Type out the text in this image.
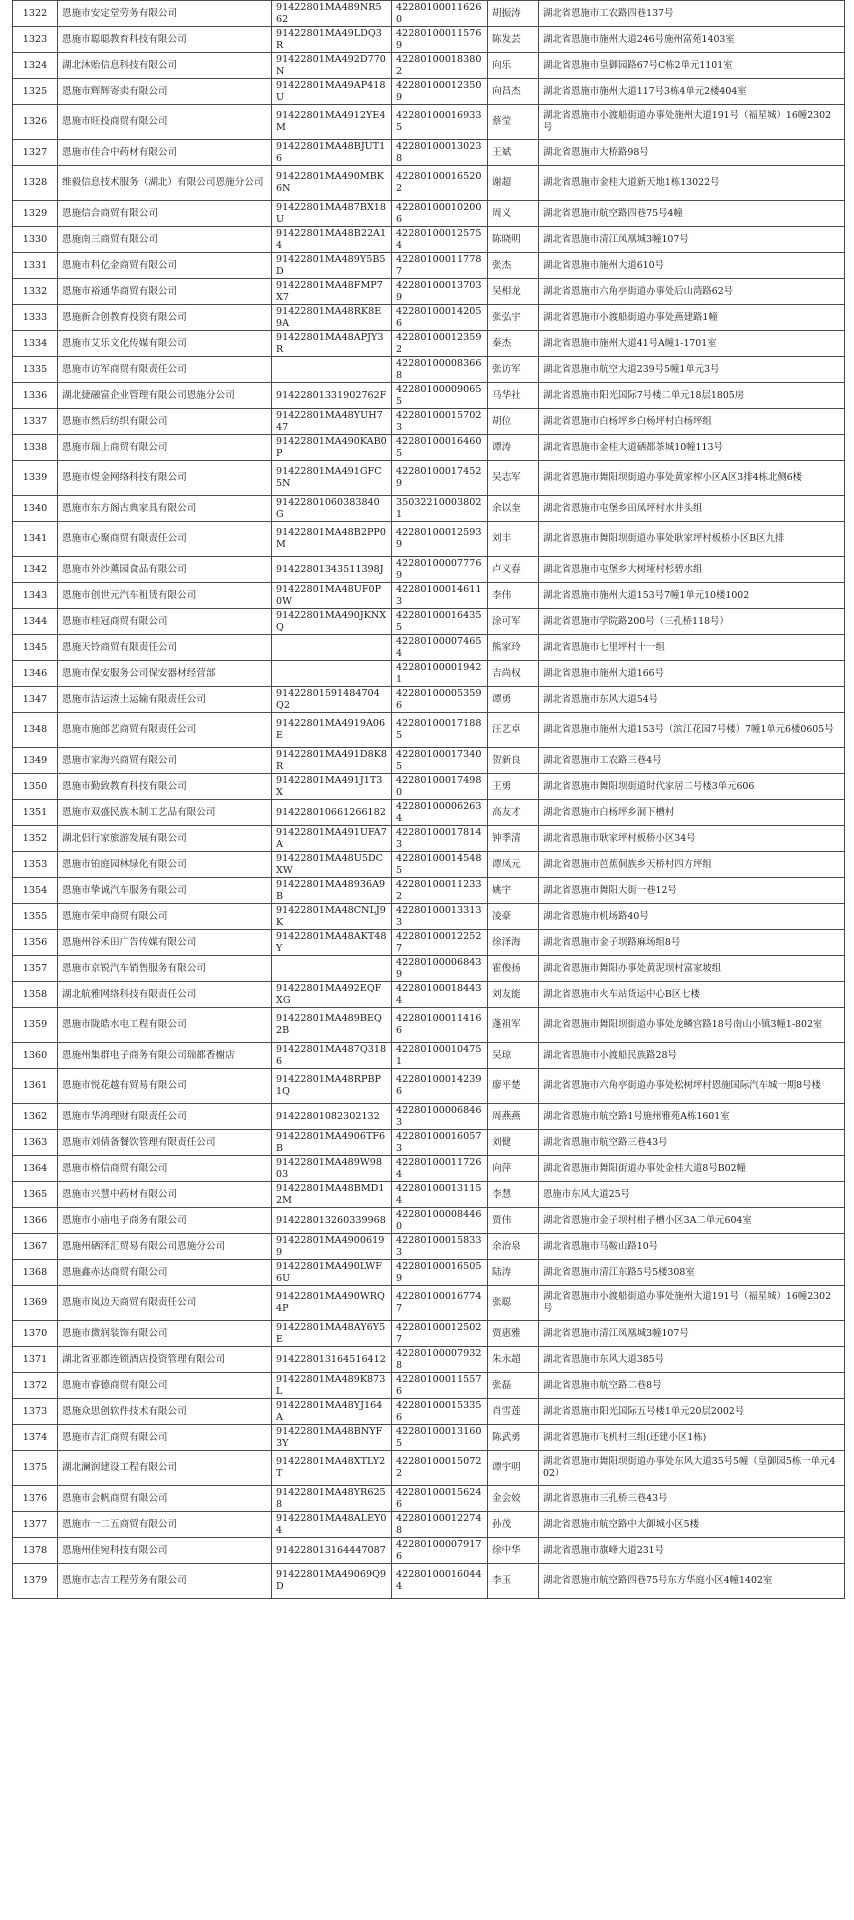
1322	恩施市安定堂劳务有限公司	91422801MA489NR562	422801000116260	胡振涛	湖北省恩施市工农路四巷137号
1323	恩施市聪聪教育科技有限公司	91422801MA49LDQ3R	422801000115769	陈发芸	湖北省恩施市施州大道246号施州富苑1403室
1324	湖北沐贻信息科技有限公司	91422801MA492D770N	422801000183802	向乐	湖北省恩施市皇御园路67号C栋2单元1101室
1325	恩施市辉辉寄卖有限公司	91422801MA49AP418U	422801000123509	向昌杰	湖北省恩施市施州大道117号3栋4单元2楼404室
1326	恩施市旺投商贸有限公司	91422801MA4912YE4M	422801000169335	蔡莹	湖北省恩施市小渡船街道办事处施州大道191号（福星城）16幢2302号
1327	恩施市佳合中药材有限公司	91422801MA48BJUT16	422801000130238	王斌	湖北省恩施市大桥路98号
1328	维毅信息技术服务（湖北）有限公司恩施分公司	91422801MA490MBK6N	422801000165202	谢超	湖北省恩施市金桂大道新天地1栋13022号
1329	恩施信合商贸有限公司	91422801MA487BX18U	422801000102006	周义	湖北省恩施市航空路四巷75号4幢
1330	恩施南三商贸有限公司	91422801MA48B22A14	422801000125754	陈晓明	湖北省恩施市清江凤凰城3幢107号
1331	恩施市科亿金商贸有限公司	91422801MA489Y5B5D	422801000117787	张杰	湖北省恩施市施州大道610号
1332	恩施市裕通华商贸有限公司	91422801MA48FMP7X7	422801000137039	吴相龙	湖北省恩施市六角亭街道办事处后山湾路62号
1333	恩施新合创教育投资有限公司	91422801MA48RK8E9A	422801000142056	张弘宇	湖北省恩施市小渡船街道办事处燕建路1幢
1334	恩施市艾乐文化传媒有限公司	91422801MA48APJY3R	422801000123592	秦杰	湖北省恩施市施州大道41号A幢1-1701室
1335	恩施市访军商贸有限责任公司		422801000083668	张访军	湖北省恩施市航空大道239号5幢1单元3号
1336	湖北捷融富企业管理有限公司恩施分公司	91422801331902762F	422801000090655	马华社	湖北省恩施市阳光国际7号楼二单元18层1805房
1337	恩施市然后纺织有限公司	91422801MA48YUH747	422801000157023	胡位	湖北省恩施市白杨坪乡白杨坪村白杨坪组
1338	恩施市瑞上商贸有限公司	91422801MA490KAB0P	422801000164605	谭涛	湖北省恩施市金桂大道硒都茶城10幢113号
1339	恩施市煜金网络科技有限公司	91422801MA491GFC5N	422801000174529	吴志军	湖北省恩施市舞阳坝街道办事处黄家榨小区A区3排4栋北侧6楼
1340	恩施市东方阁古典家具有限公司	91422801060383840G	350322100038021	余以奎	湖北省恩施市屯堡乡田凤坪村水井头组
1341	恩施市心聚商贸有限责任公司	91422801MA48B2PP0M	422801000125939	刘丰	湖北省恩施市舞阳坝街道办事处耿家坪村板桥小区B区九排
1342	恩施市外沙薰园食品有限公司	91422801343511398J	422801000077769	卢义春	湖北省恩施市屯堡乡大树垭村杉碧水组
1343	恩施市创世元汽车租赁有限公司	91422801MA48UF0P0W	422801000146113	李伟	湖北省恩施市施州大道153号7幢1单元10楼1002
1344	恩施市桂冠商贸有限公司	91422801MA490JKNXQ	422801000164355	涂可军	湖北省恩施市学院路200号（三孔桥118号）
1345	恩施天铃商贸有限责任公司		422801000074654	熊家玲	湖北省恩施市七里坪村十一组
1346	恩施市保安服务公司保安器材经营部		422801000019421	吉尚权	湖北省恩施市施州大道166号
1347	恩施市洁运渣土运输有限责任公司	91422801591484704Q2	422801000053596	谭勇	湖北省恩施市东风大道54号
1348	恩施市施郎艺商贸有限责任公司	91422801MA4919A06E	422801000171885	汪艺卓	湖北省恩施市施州大道153号（滨江花园7号楼）7幢1单元6楼0605号
1349	恩施市家海兴商贸有限公司	91422801MA491D8K8R	422801000173405	贺新良	湖北省恩施市工农路三巷4号
1350	恩施市勤致教育科技有限公司	91422801MA491J1T3X	422801000174980	王勇	湖北省恩施市舞阳坝街道时代家居二号楼3单元606
1351	恩施市双盛民族木制工艺品有限公司	914228010661266182	422801000062634	高友才	湖北省恩施市白杨坪乡洞下槽村
1352	湖北侣行家旅游发展有限公司	91422801MA491UFA7A	422801000178143	钟季清	湖北省恩施市耿家坪村板桥小区34号
1353	恩施市铂庭园林绿化有限公司	91422801MA48U5DCXW	422801000145485	谭凤元	湖北省恩施市芭蕉侗族乡天桥村四方坪组
1354	恩施市挚诚汽车服务有限公司	91422801MA48936A9B	422801000112332	姚宇	湖北省恩施市舞阳大街一巷12号
1355	恩施市荣申商贸有限公司	91422801MA48CNLJ9K	422801000133133	凌豪	湖北省恩施市机场路40号
1356	恩施州谷禾田广告传媒有限公司	91422801MA48AKT48Y	422801000122527	徐泽海	湖北省恩施市金子坝路麻场组8号
1357	恩施市京锐汽车销售服务有限公司		422801000068439	霍俊扬	湖北省恩施市舞阳办事处黄泥坝村富家坡组
1358	湖北航雅网络科技有限责任公司	91422801MA492EQFXG	422801000184434	刘友能	湖北省恩施市火车站货运中心B区七楼
1359	恩施市陇皓水电工程有限公司	91422801MA489BEQ2B	422801000114166	蓬祖军	湖北省恩施市舞阳坝街道办事处龙鳞宫路18号南山小镇3幢1-802室
1360	恩施州集群电子商务有限公司瑞都香榭店	91422801MA487Q3186	422801000104751	吴琼	湖北省恩施市小渡船民族路28号
1361	恩施市悦花越有贸易有限公司	91422801MA48RPBP1Q	422801000142396	廖平楚	湖北省恩施市六角亭街道办事处松树坪村恩施国际汽车城一期8号楼
1362	恩施市华鸿理财有限责任公司	91422801082302132	422801000068463	周燕燕	湖北省恩施市航空路1号施州雅苑A栋1601室
1363	恩施市刘倩备餐饮管理有限责任公司	91422801MA4906TF6B	422801000160573	刘健	湖北省恩施市航空路三巷43号
1364	恩施市格信商贸有限公司	91422801MA489W9803	422801000117264	向萍	湖北省恩施市舞阳街道办事处金桂大道8号B02幢
1365	恩施市兴慧中药材有限公司	91422801MA48BMD12M	422801000131154	李慧	恩施市东风大道25号
1366	恩施市小庙电子商务有限公司	914228013260339968	422801000084460	贾伟	湖北省恩施市金子坝村柑子槽小区3A二单元604室
1367	恩施州硒泽汇贸易有限公司恩施分公司	91422801MA49006199	422801000158333	余治泉	湖北省恩施市马鞍山路10号
1368	恩施鑫赤达商贸有限公司	91422801MA490LWF6U	422801000165059	陆涛	湖北省恩施市清江东路5号5楼308室
1369	恩施市岚边天商贸有限责任公司	91422801MA490WRQ4P	422801000167747	张聪	湖北省恩施市小渡船街道办事处施州大道191号（福星城）16幢2302号
1370	恩施市微润装饰有限公司	91422801MA48AY6Y5E	422801000125027	贾惠雅	湖北省恩施市清江凤凰城3幢107号
1371	湖北省亚都连锁酒店投资管理有限公司	91422801316451641​2	422801000079328	朱永超	湖北省恩施市东风大道385号
1372	恩施市睿德商贸有限公司	91422801MA489K873L	422801000115576	张磊	湖北省恩施市航空路二巷8号
1373	恩施众思创软件技术有限公司	91422801MA48YJ164A	422801000153356	肖雪莲	湖北省恩施市阳光国际五号楼1单元20层2002号
1374	恩施市吉汇商贸有限公司	91422801MA48BNYF3Y	422801000131605	陈武勇	湖北省恩施市飞机村三组(还建小区1栋)
1375	湖北澜润建设工程有限公司	91422801MA48XTLY2T	422801000150722	谭宇明	湖北省恩施市舞阳坝街道办事处东风大道35号5幢（皇御园5栋一单元402）
1376	恩施市会帆商贸有限公司	91422801MA48YR6258	422801000156246	金会姣	湖北省恩施市三孔桥三巷43号
1377	恩施市一二五商贸有限公司	91422801MA48ALEY04	422801000122748	孙茂	湖北省恩施市航空路中大御城小区5楼
1378	恩施州佳宛科技有限公司	91422801316444708​7	422801000079176	徐中华	湖北省恩施市旗峰大道231号
1379	恩施市志吉工程劳务有限公司	91422801MA49069Q9D	422801000160444	李玉	湖北省恩施市航空路四巷75号东方华庭小区4幢1402室
